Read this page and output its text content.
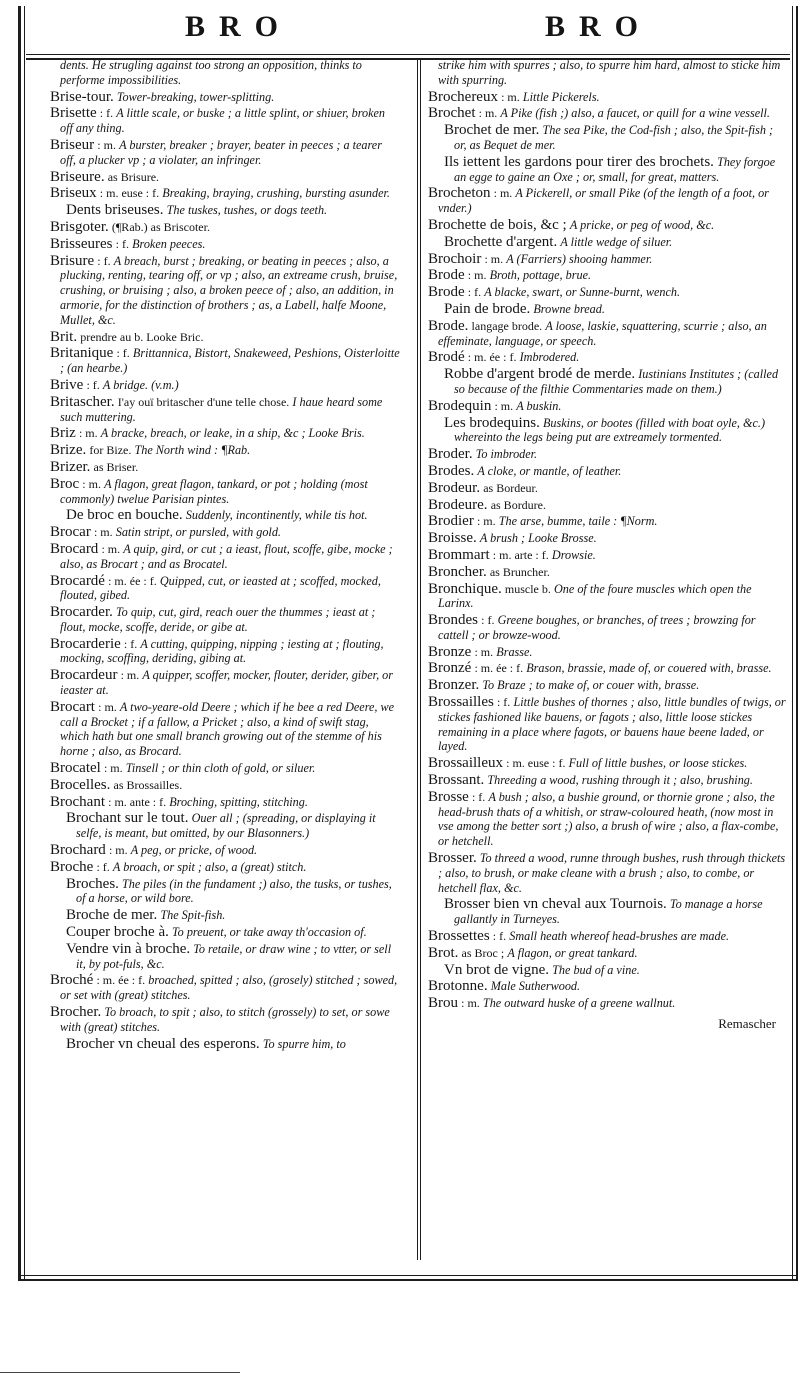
BRO	BRO
dents. He strugling against too strong an opposition, thinks to performe impossibilities.
Brise-tour. Tower-breaking, tower-splitting.
Brisette : f. A little scale, or buske ; a little splint, or shiuer, broken off any thing.
Briseur : m. A burster, breaker ; brayer, beater in peeces ; a tearer off, a plucker vp ; a violater, an infringer.
Briseure. as Brisure.
Briseux : m. euse : f. Breaking, braying, crushing, bursting asunder.
Dents briseuses. The tuskes, tushes, or dogs teeth.
Brisgoter. (¶Rab.) as Briscoter.
Brisseures : f. Broken peeces.
Brisure : f. A breach, burst ; breaking, or beating in peeces ; also, a plucking, renting, tearing off, or vp ; also, an extreame crush, bruise, crushing, or bruising ; also, a broken peece of ; also, an addition, in armorie, for the distinction of brothers ; as, a Labell, halfe Moone, Mullet, &c.
Brit. prendre au b. Looke Bric.
Britanique : f. Brittannica, Bistort, Snakeweed, Peshions, Oisterloitte ; (an hearbe.)
Brive : f. A bridge. (v.m.)
Britascher. I'ay ouï britascher d'une telle chose. I haue heard some such muttering.
Briz : m. A bracke, breach, or leake, in a ship, &c ; Looke Bris.
Brize. for Bize. The North wind : ¶Rab.
Brizer. as Briser.
Broc : m. A flagon, great flagon, tankard, or pot ; holding (most commonly) twelue Parisian pintes.
De broc en bouche. Suddenly, incontinently, while tis hot.
Brocar : m. Satin stript, or pursled, with gold.
Brocard : m. A quip, gird, or cut ; a ieast, flout, scoffe, gibe, mocke ; also, as Brocart ; and as Brocatel.
Brocardé : m. ée : f. Quipped, cut, or ieasted at ; scoffed, mocked, flouted, gibed.
Brocarder. To quip, cut, gird, reach ouer the thummes ; ieast at ; flout, mocke, scoffe, deride, or gibe at.
Brocarderie : f. A cutting, quipping, nipping ; iesting at ; flouting, mocking, scoffing, deriding, gibing at.
Brocardeur : m. A quipper, scoffer, mocker, flouter, derider, giber, or ieaster at.
Brocart : m. A two-yeare-old Deere ; which if he bee a red Deere, we call a Brocket ; if a fallow, a Pricket ; also, a kind of swift stag, which hath but one small branch growing out of the stemme of his horne ; also, as Brocard.
Brocatel : m. Tinsell ; or thin cloth of gold, or siluer.
Brocelles. as Brossailles.
Brochant : m. ante : f. Broching, spitting, stitching.
Brochant sur le tout. Ouer all ; (spreading, or displaying it selfe, is meant, but omitted, by our Blasonners.)
Brochard : m. A peg, or pricke, of wood.
Broche : f. A broach, or spit ; also, a (great) stitch.
Broches. The piles (in the fundament ;) also, the tusks, or tushes, of a horse, or wild bore.
Broche de mer. The Spit-fish.
Couper broche à. To preuent, or take away th'occasion of.
Vendre vin à broche. To retaile, or draw wine ; to vtter, or sell it, by pot-fuls, &c.
Broché : m. ée : f. broached, spitted ; also, (grosely) stitched ; sowed, or set with (great) stitches.
Brocher. To broach, to spit ; also, to stitch (grossely) to set, or sowe with (great) stitches.
Brocher vn cheual des esperons. To spurre him, to
strike him with spurres ; also, to spurre him hard, almost to sticke him with spurring.
Brochereux : m. Little Pickerels.
Brochet : m. A Pike (fish ;) also, a faucet, or quill for a wine vessell.
Brochet de mer. The sea Pike, the Cod-fish ; also, the Spit-fish ; or, as Bequet de mer.
Ils iettent les gardons pour tirer des brochets. They forgoe an egge to gaine an Oxe ; or, small, for great, matters.
Brocheton : m. A Pickerell, or small Pike (of the length of a foot, or vnder.)
Brochette de bois, &c ; A pricke, or peg of wood, &c.
Brochette d'argent. A little wedge of siluer.
Brochoir : m. A (Farriers) shooing hammer.
Brode : m. Broth, pottage, brue.
Brode : f. A blacke, swart, or Sunne-burnt, wench.
Pain de brode. Browne bread.
Brode. langage brode. A loose, laskie, squattering, scurrie ; also, an effeminate, language, or speech.
Brodé : m. ée : f. Imbrodered.
Robbe d'argent brodé de merde. Iustinians Institutes ; (called so because of the filthie Commentaries made on them.)
Brodequin : m. A buskin.
Les brodequins. Buskins, or bootes (filled with boat oyle, &c.) whereinto the legs being put are extreamely tormented.
Broder. To imbroder.
Brodes. A cloke, or mantle, of leather.
Brodeur. as Bordeur.
Brodeure. as Bordure.
Brodier : m. The arse, bumme, taile : ¶Norm.
Broisse. A brush ; Looke Brosse.
Brommart : m. arte : f. Drowsie.
Broncher. as Bruncher.
Bronchique. muscle b. One of the foure muscles which open the Larinx.
Brondes : f. Greene boughes, or branches, of trees ; browzing for cattell ; or browze-wood.
Bronze : m. Brasse.
Bronzé : m. ée : f. Brason, brassie, made of, or couered with, brasse.
Bronzer. To Braze ; to make of, or couer with, brasse.
Brossailles : f. Little bushes of thornes ; also, little bundles of twigs, or stickes fashioned like bauens, or fagots ; also, little loose stickes remaining in a place where fagots, or bauens haue beene laded, or layed.
Brossailleux : m. euse : f. Full of little bushes, or loose stickes.
Brossant. Threeding a wood, rushing through it ; also, brushing.
Brosse : f. A bush ; also, a bushie ground, or thornie grone ; also, the head-brush thats of a whitish, or straw-coloured heath, (now most in vse among the better sort ;) also, a brush of wire ; also, a flax-combe, or hetchell.
Brosser. To threed a wood, runne through bushes, rush through thickets ; also, to brush, or make cleane with a brush ; also, to combe, or hetchell flax, &c.
Brosser bien vn cheval aux Tournois. To manage a horse gallantly in Turneyes.
Brossettes : f. Small heath whereof head-brushes are made.
Brot. as Broc ; A flagon, or great tankard.
Vn brot de vigne. The bud of a vine.
Brotonne. Male Sutherwood.
Brou : m. The outward huske of a greene wallnut.
Remascher
